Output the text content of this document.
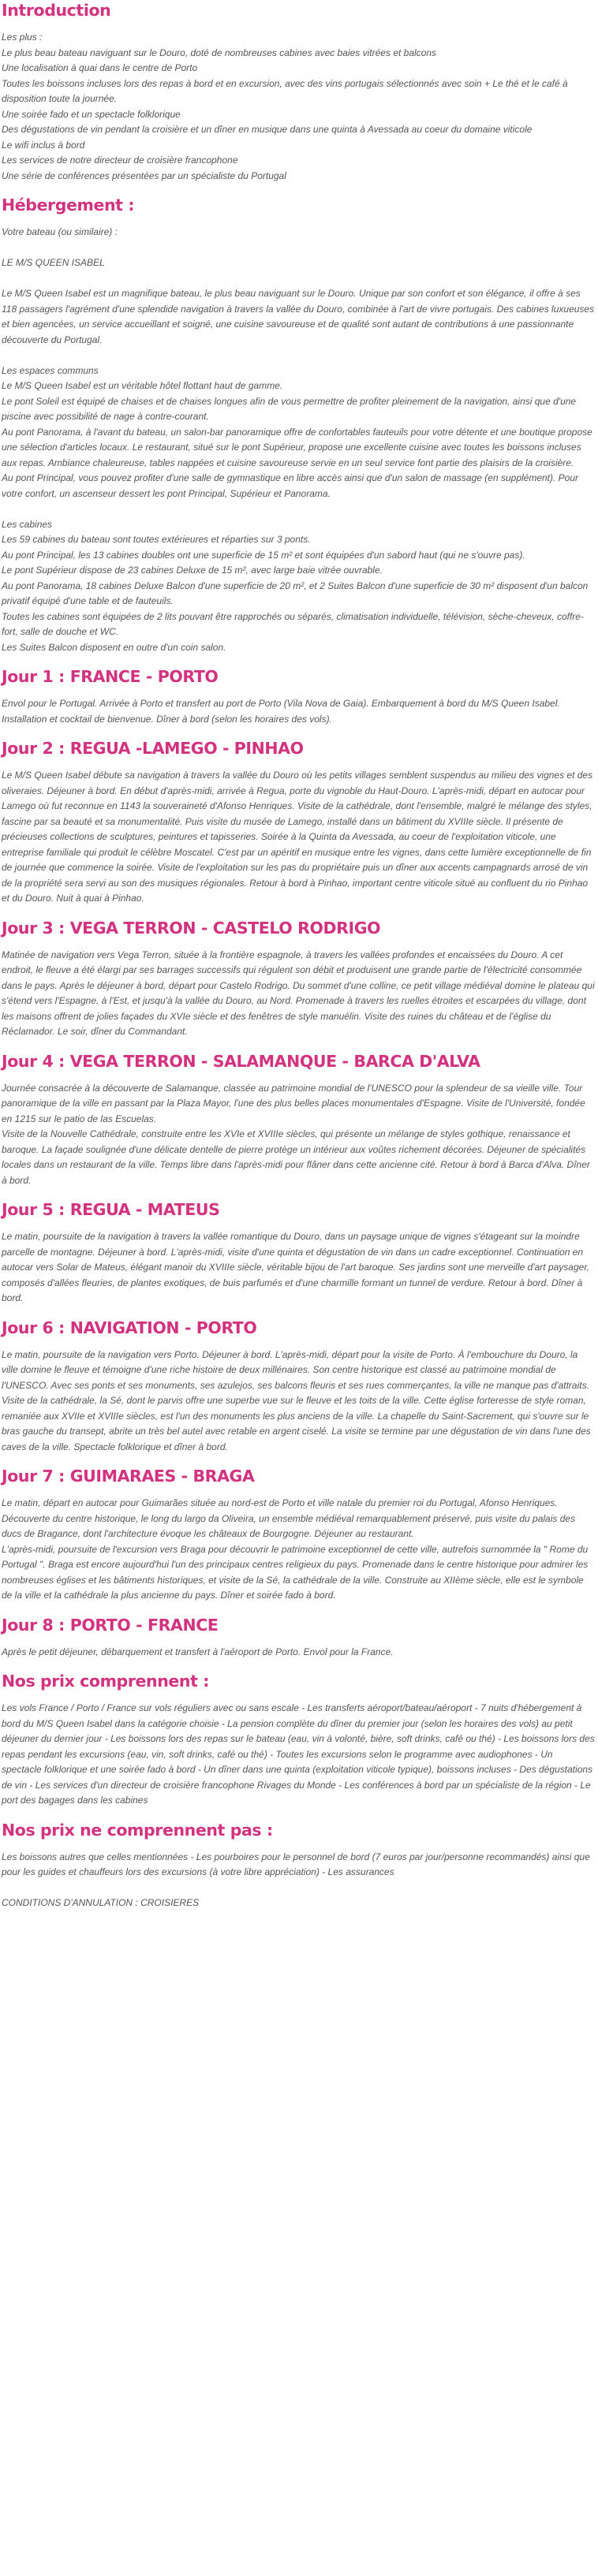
Introduction

Les plus :

Le plus beau bateau naviguant sur le Douro, doté de nombreuses cabines avec baies vitrées et balcons

Une localisation à quai dans le centre de Porto

Toutes les boissons incluses lors des repas à bord et en excursion, avec des vins portugais sélectionnés avec soin + Le thé et le café à disposition toute la journée.

Une soirée fado et un spectacle folklorique

Des dégustations de vin pendant la croisière et un dîner en musique dans une quinta à Avessada au coeur du domaine viticole

Le wifi inclus à bord

Les services de notre directeur de croisière francophone

Une série de conférences présentées par un spécialiste du Portugal

Hébergement :

Votre bateau (ou similaire) :

LE M/S QUEEN ISABEL

Le M/S Queen Isabel est un magnifique bateau, le plus beau naviguant sur le Douro. Unique par son confort et son élégance, il offre à ses 118 passagers l'agrément d'une splendide navigation à travers la vallée du Douro, combinée à l'art de vivre portugais. Des cabines luxueuses et bien agencées, un service accueillant et soigné, une cuisine savoureuse et de qualité sont autant de contributions à une passionnante découverte du Portugal.

Les espaces communs

Le M/S Queen Isabel est un véritable hôtel flottant haut de gamme.

Le pont Soleil est équipé de chaises et de chaises longues afin de vous permettre de profiter pleinement de la navigation, ainsi que d'une piscine avec possibilité de nage à contre-courant.

Au pont Panorama, à l'avant du bateau, un salon-bar panoramique offre de confortables fauteuils pour votre détente et une boutique propose une sélection d'articles locaux. Le restaurant, situé sur le pont Supérieur, propose une excellente cuisine avec toutes les boissons incluses aux repas. Ambiance chaleureuse, tables nappées et cuisine savoureuse servie en un seul service font partie des plaisirs de la croisière.

Au pont Principal, vous pouvez profiter d'une salle de gymnastique en libre accès ainsi que d'un salon de massage (en supplément). Pour votre confort, un ascenseur dessert les pont Principal, Supérieur et Panorama.

Les cabines

Les 59 cabines du bateau sont toutes extérieures et réparties sur 3 ponts.

Au pont Principal, les 13 cabines doubles ont une superficie de 15 m² et sont équipées d'un sabord haut (qui ne s'ouvre pas).

Le pont Supérieur dispose de 23 cabines Deluxe de 15 m², avec large baie vitrée ouvrable.

Au pont Panorama, 18 cabines Deluxe Balcon d'une superficie de 20 m², et 2 Suites Balcon d'une superficie de 30 m² disposent d'un balcon privatif équipé d'une table et de fauteuils.

Toutes les cabines sont équipées de 2 lits pouvant être rapprochés ou séparés, climatisation individuelle, télévision, sèche-cheveux, coffre-fort, salle de douche et WC.

Les Suites Balcon disposent en outre d'un coin salon.

Jour 1 : FRANCE - PORTO

Envol pour le Portugal. Arrivée à Porto et transfert au port de Porto (Vila Nova de Gaia). Embarquement à bord du M/S Queen Isabel. Installation et cocktail de bienvenue. Dîner à bord (selon les horaires des vols).

Jour 2 : REGUA -LAMEGO - PINHAO

Le M/S Queen Isabel débute sa navigation à travers la vallée du Douro où les petits villages semblent suspendus au milieu des vignes et des oliveraies. Déjeuner à bord. En début d'après-midi, arrivée à Regua, porte du vignoble du Haut-Douro. L'après-midi, départ en autocar pour Lamego où fut reconnue en 1143 la souveraineté d'Afonso Henriques. Visite de la cathédrale, dont l'ensemble, malgré le mélange des styles, fascine par sa beauté et sa monumentalité. Puis visite du musée de Lamego, installé dans un bâtiment du XVIIIe siècle. Il présente de précieuses collections de sculptures, peintures et tapisseries. Soirée à la Quinta da Avessada, au coeur de l'exploitation viticole, une entreprise familiale qui produit le célèbre Moscatel. C'est par un apéritif en musique entre les vignes, dans cette lumière exceptionnelle de fin de journée que commence la soirée. Visite de l'exploitation sur les pas du propriétaire puis un dîner aux accents campagnards arrosé de vin de la propriété sera servi au son des musiques régionales. Retour à bord à Pinhao, important centre viticole situé au confluent du rio Pinhao et du Douro. Nuit à quai à Pinhao.

Jour 3 : VEGA TERRON - CASTELO RODRIGO

Matinée de navigation vers Vega Terron, située à la frontière espagnole, à travers les vallées profondes et encaissées du Douro. A cet endroit, le fleuve a été élargi par ses barrages successifs qui régulent son débit et produisent une grande partie de l'électricité consommée dans le pays. Après le déjeuner à bord, départ pour Castelo Rodrigo. Du sommet d'une colline, ce petit village médiéval domine le plateau qui s'étend vers l'Espagne, à l'Est, et jusqu'à la vallée du Douro, au Nord. Promenade à travers les ruelles étroites et escarpées du village, dont les maisons offrent de jolies façades du XVIe siècle et des fenêtres de style manuélin. Visite des ruines du château et de l'église du Réclamador. Le soir, dîner du Commandant.

Jour 4 : VEGA TERRON - SALAMANQUE - BARCA D'ALVA

Journée consacrée à la découverte de Salamanque, classée au patrimoine mondial de l'UNESCO pour la splendeur de sa vieille ville. Tour panoramique de la ville en passant par la Plaza Mayor, l'une des plus belles places monumentales d'Espagne. Visite de l'Université, fondée en 1215 sur le patio de las Escuelas.

Visite de la Nouvelle Cathédrale, construite entre les XVIe et XVIIIe siècles, qui présente un mélange de styles gothique, renaissance et baroque. La façade soulignée d'une délicate dentelle de pierre protège un intérieur aux voûtes richement décorées. Déjeuner de spécialités locales dans un restaurant de la ville. Temps libre dans l'après-midi pour flâner dans cette ancienne cité. Retour à bord à Barca d'Alva. Dîner à bord.

Jour 5 : REGUA - MATEUS

Le matin, poursuite de la navigation à travers la vallée romantique du Douro, dans un paysage unique de vignes s'étageant sur la moindre parcelle de montagne. Déjeuner à bord. L'après-midi, visite d'une quinta et dégustation de vin dans un cadre exceptionnel. Continuation en autocar vers Solar de Mateus, élégant manoir du XVIIIe siècle, véritable bijou de l'art baroque. Ses jardins sont une merveille d'art paysager, composés d'allées fleuries, de plantes exotiques, de buis parfumés et d'une charmille formant un tunnel de verdure. Retour à bord. Dîner à bord.

Jour 6 : NAVIGATION - PORTO

Le matin, poursuite de la navigation vers Porto. Déjeuner à bord. L'après-midi, départ pour la visite de Porto. À l'embouchure du Douro, la ville domine le fleuve et témoigne d'une riche histoire de deux millénaires. Son centre historique est classé au patrimoine mondial de l'UNESCO. Avec ses ponts et ses monuments, ses azulejos, ses balcons fleuris et ses rues commerçantes, la ville ne manque pas d'attraits. Visite de la cathédrale, la Sé, dont le parvis offre une superbe vue sur le fleuve et les toits de la ville. Cette église forteresse de style roman, remaniée aux XVIIe et XVIIIe siècles, est l'un des monuments les plus anciens de la ville. La chapelle du Saint-Sacrement, qui s'ouvre sur le bras gauche du transept, abrite un très bel autel avec retable en argent ciselé. La visite se termine par une dégustation de vin dans l'une des caves de la ville. Spectacle folklorique et dîner à bord.

Jour 7 : GUIMARAES - BRAGA

Le matin, départ en autocar pour Guimarães située au nord-est de Porto et ville natale du premier roi du Portugal, Afonso Henriques. Découverte du centre historique, le long du largo da Oliveira, un ensemble médiéval remarquablement préservé, puis visite du palais des ducs de Bragance, dont l'architecture évoque les châteaux de Bourgogne. Déjeuner au restaurant.

L'après-midi, poursuite de l'excursion vers Braga pour découvrir le patrimoine exceptionnel de cette ville, autrefois surnommée la " Rome du Portugal ". Braga est encore aujourd'hui l'un des principaux centres religieux du pays. Promenade dans le centre historique pour admirer les nombreuses églises et les bâtiments historiques, et visite de la Sé, la cathédrale de la ville. Construite au XIIème siècle, elle est le symbole de la ville et la cathédrale la plus ancienne du pays. Dîner et soirée fado à bord.

Jour 8 : PORTO - FRANCE

Après le petit déjeuner, débarquement et transfert à l'aéroport de Porto. Envol pour la France.

Nos prix comprennent :

Les vols France / Porto / France sur vols réguliers avec ou sans escale - Les transferts aéroport/bateau/aéroport - 7 nuits d'hébergement à bord du M/S Queen Isabel dans la catégorie choisie - La pension complète du dîner du premier jour (selon les horaires des vols) au petit déjeuner du dernier jour - Les boissons lors des repas sur le bateau (eau, vin à volonté, bière, soft drinks, café ou thé) - Les boissons lors des repas pendant les excursions (eau, vin, soft drinks, café ou thé) - Toutes les excursions selon le programme avec audiophones - Un spectacle folklorique et une soirée fado à bord - Un dîner dans une quinta (exploitation viticole typique), boissons incluses - Des dégustations de vin - Les services d'un directeur de croisière francophone Rivages du Monde - Les conférences à bord par un spécialiste de la région - Le port des bagages dans les cabines

Nos prix ne comprennent pas :

Les boissons autres que celles mentionnées - Les pourboires pour le personnel de bord (7 euros par jour/personne recommandés) ainsi que pour les guides et chauffeurs lors des excursions (à votre libre appréciation) - Les assurances

CONDITIONS D'ANNULATION : CROISIERES
